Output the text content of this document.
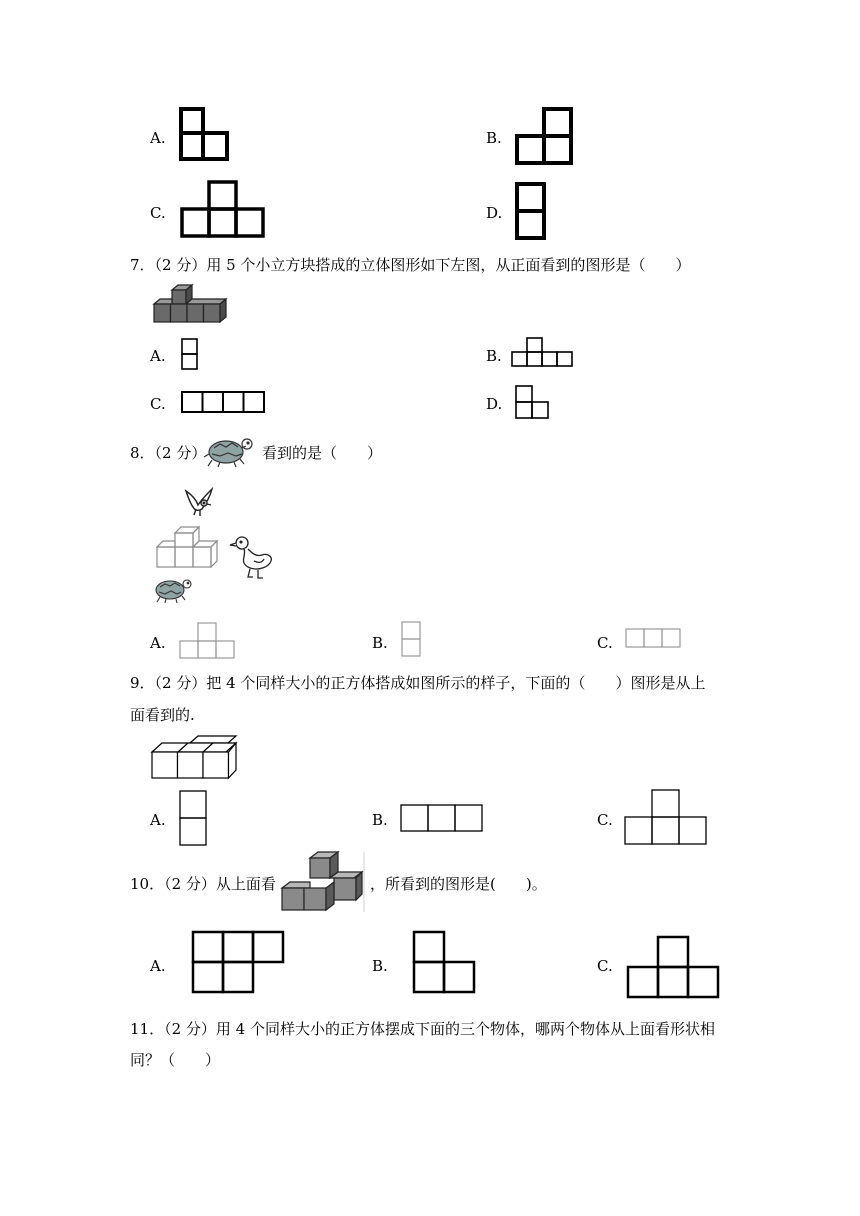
A.	B.
C.	D.
7．（2 分）用 5 个小立方块搭成的立体图形如下左图，从正面看到的图形是（　　）
A.	B.
C.	D.
8．（2 分）	看到的是（　　）
A.	B.	C.
9．（2 分）把 4 个同样大小的正方体搭成如图所示的样子，下面的（　　）图形是从上
面看到的.
A.	B.	C.
10．（2 分）从上面看	，所看到的图形是(　　)。
A.	B.	C.
11．（2 分）用 4 个同样大小的正方体摆成下面的三个物体，哪两个物体从上面看形状相
同？（　　）
